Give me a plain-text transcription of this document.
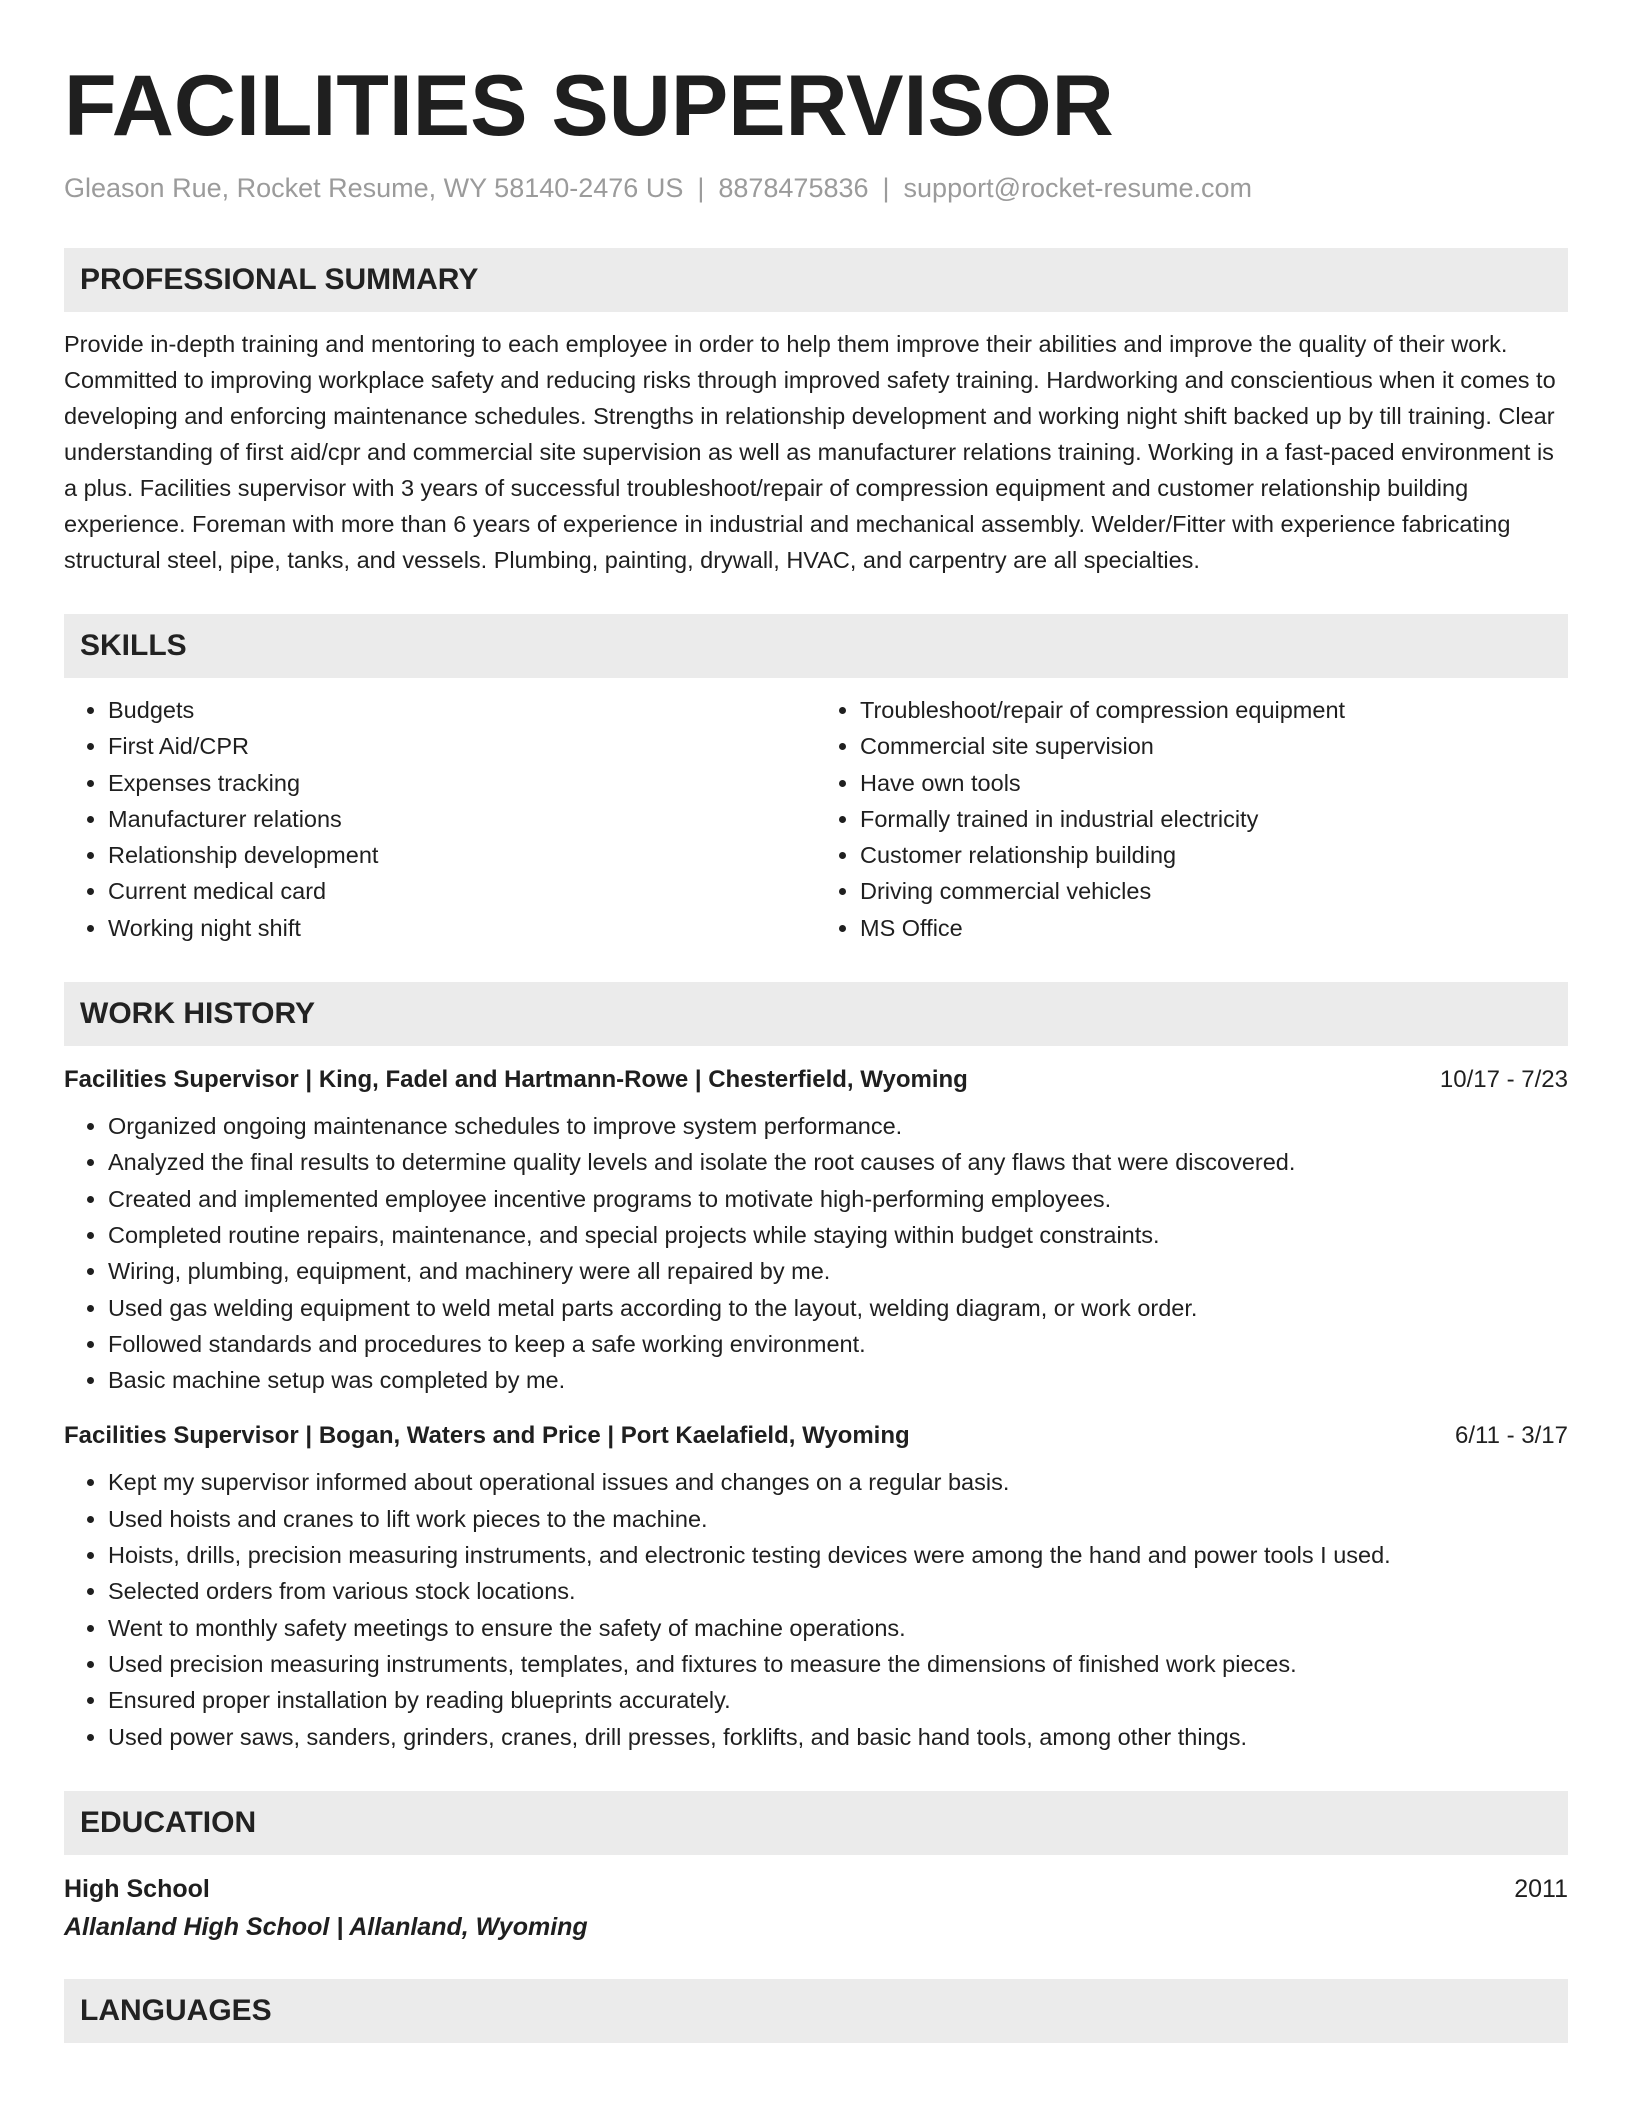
FACILITIES SUPERVISOR
Gleason Rue, Rocket Resume, WY 58140-2476 US | 8878475836 | support@rocket-resume.com
PROFESSIONAL SUMMARY
Provide in-depth training and mentoring to each employee in order to help them improve their abilities and improve the quality of their work. Committed to improving workplace safety and reducing risks through improved safety training. Hardworking and conscientious when it comes to developing and enforcing maintenance schedules. Strengths in relationship development and working night shift backed up by till training. Clear understanding of first aid/cpr and commercial site supervision as well as manufacturer relations training. Working in a fast-paced environment is a plus. Facilities supervisor with 3 years of successful troubleshoot/repair of compression equipment and customer relationship building experience. Foreman with more than 6 years of experience in industrial and mechanical assembly. Welder/Fitter with experience fabricating structural steel, pipe, tanks, and vessels. Plumbing, painting, drywall, HVAC, and carpentry are all specialties.
SKILLS
• Budgets
• First Aid/CPR
• Expenses tracking
• Manufacturer relations
• Relationship development
• Current medical card
• Working night shift
• Troubleshoot/repair of compression equipment
• Commercial site supervision
• Have own tools
• Formally trained in industrial electricity
• Customer relationship building
• Driving commercial vehicles
• MS Office
WORK HISTORY
Facilities Supervisor | King, Fadel and Hartmann-Rowe | Chesterfield, Wyoming	10/17 - 7/23
• Organized ongoing maintenance schedules to improve system performance.
• Analyzed the final results to determine quality levels and isolate the root causes of any flaws that were discovered.
• Created and implemented employee incentive programs to motivate high-performing employees.
• Completed routine repairs, maintenance, and special projects while staying within budget constraints.
• Wiring, plumbing, equipment, and machinery were all repaired by me.
• Used gas welding equipment to weld metal parts according to the layout, welding diagram, or work order.
• Followed standards and procedures to keep a safe working environment.
• Basic machine setup was completed by me.
Facilities Supervisor | Bogan, Waters and Price | Port Kaelafield, Wyoming	6/11 - 3/17
• Kept my supervisor informed about operational issues and changes on a regular basis.
• Used hoists and cranes to lift work pieces to the machine.
• Hoists, drills, precision measuring instruments, and electronic testing devices were among the hand and power tools I used.
• Selected orders from various stock locations.
• Went to monthly safety meetings to ensure the safety of machine operations.
• Used precision measuring instruments, templates, and fixtures to measure the dimensions of finished work pieces.
• Ensured proper installation by reading blueprints accurately.
• Used power saws, sanders, grinders, cranes, drill presses, forklifts, and basic hand tools, among other things.
EDUCATION
High School	2011
Allanland High School | Allanland, Wyoming
LANGUAGES
